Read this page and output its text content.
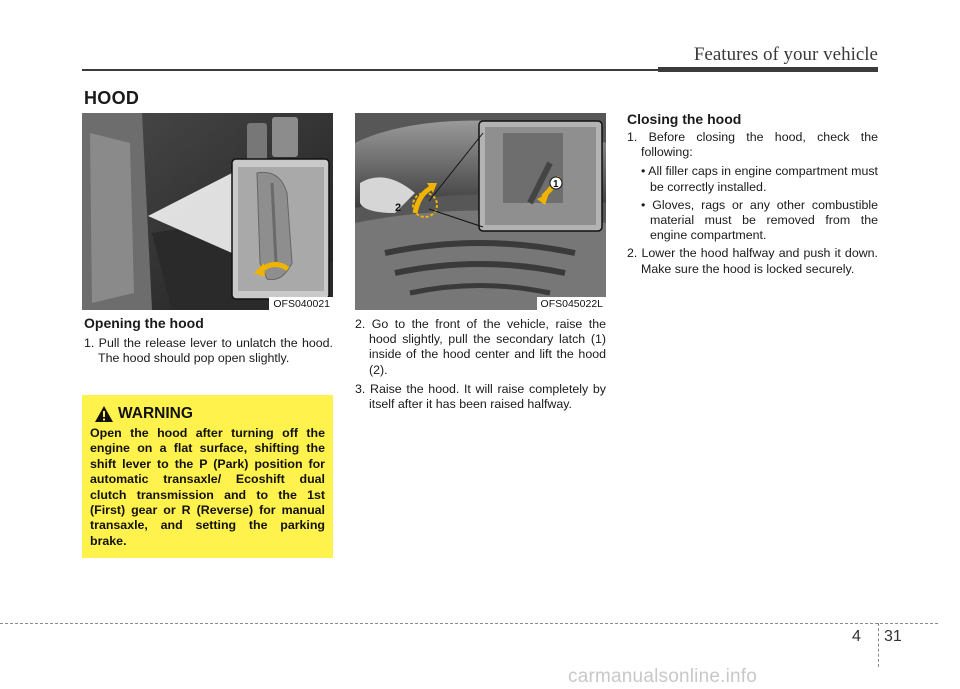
Features of your vehicle
HOOD
OFS040021
1
2
OFS045022L
Opening the hood

1. Pull the release lever to unlatch the hood. The hood should pop open slightly.

WARNING
Open the hood after turning off the engine on a flat surface, shifting the shift lever to the P (Park) position for automatic transaxle/ Ecoshift dual clutch transmission and to the 1st (First) gear or R (Reverse) for manual transaxle, and setting the parking brake.

2. Go to the front of the vehicle, raise the hood slightly, pull the secondary latch (1) inside of the hood center and lift the hood (2).

3. Raise the hood. It will raise completely by itself after it has been raised halfway.

Closing the hood

1. Before closing the hood, check the following:

• All filler caps in engine compartment must be correctly installed.

• Gloves, rags or any other combustible material must be removed from the engine compartment.

2. Lower the hood halfway and push it down. Make sure the hood is locked securely.

4 31
carmanualsonline.info
